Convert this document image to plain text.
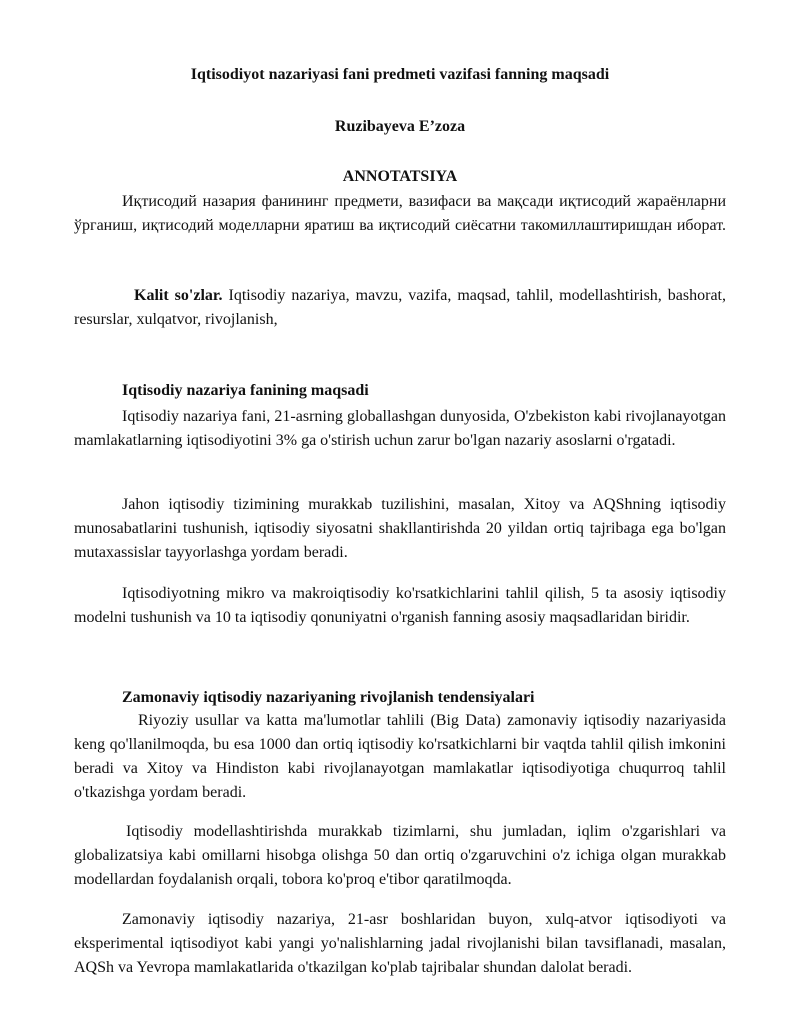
Iqtisodiyot nazariyasi fani predmeti vazifasi fanning maqsadi

Ruzibayeva E’zoza

ANNOTATSIYA

Иқтисодий назария фанининг предмети, вазифаси ва мақсади иқтисодий жараёнларни ўрганиш, иқтисодий моделларни яратиш ва иқтисодий сиёсатни такомиллаштиришдан иборат.

Kalit so'zlar. Iqtisodiy nazariya, mavzu, vazifa, maqsad, tahlil, modellashtirish, bashorat, resurslar, xulqatvor, rivojlanish,

Iqtisodiy nazariya fanining maqsadi

Iqtisodiy nazariya fani, 21-asrning globallashgan dunyosida, O'zbekiston kabi rivojlanayotgan mamlakatlarning iqtisodiyotini 3% ga o'stirish uchun zarur bo'lgan nazariy asoslarni o'rgatadi.

Jahon iqtisodiy tizimining murakkab tuzilishini, masalan, Xitoy va AQShning iqtisodiy munosabatlarini tushunish, iqtisodiy siyosatni shakllantirishda 20 yildan ortiq tajribaga ega bo'lgan mutaxassislar tayyorlashga yordam beradi.

Iqtisodiyotning mikro va makroiqtisodiy ko'rsatkichlarini tahlil qilish, 5 ta asosiy iqtisodiy modelni tushunish va 10 ta iqtisodiy qonuniyatni o'rganish fanning asosiy maqsadlaridan biridir.

Zamonaviy iqtisodiy nazariyaning rivojlanish tendensiyalari

Riyoziy usullar va katta ma'lumotlar tahlili (Big Data) zamonaviy iqtisodiy nazariyasida keng qo'llanilmoqda, bu esa 1000 dan ortiq iqtisodiy ko'rsatkichlarni bir vaqtda tahlil qilish imkonini beradi va Xitoy va Hindiston kabi rivojlanayotgan mamlakatlar iqtisodiyotiga chuqurroq tahlil o'tkazishga yordam beradi.

Iqtisodiy modellashtirishda murakkab tizimlarni, shu jumladan, iqlim o'zgarishlari va globalizatsiya kabi omillarni hisobga olishga 50 dan ortiq o'zgaruvchini o'z ichiga olgan murakkab modellardan foydalanish orqali, tobora ko'proq e'tibor qaratilmoqda.

Zamonaviy iqtisodiy nazariya, 21-asr boshlaridan buyon, xulq-atvor iqtisodiyoti va eksperimental iqtisodiyot kabi yangi yo'nalishlarning jadal rivojlanishi bilan tavsiflanadi, masalan, AQSh va Yevropa mamlakatlarida o'tkazilgan ko'plab tajribalar shundan dalolat beradi.
